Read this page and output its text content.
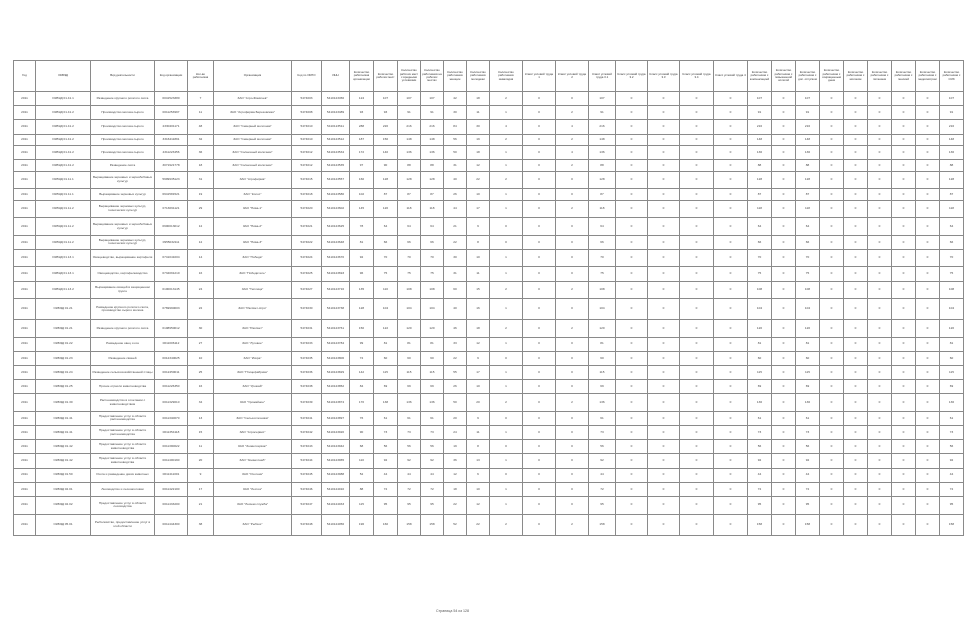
Год	ОКВЭД	Вид деятельности	Код организации	Кол-во работников	Организация	Код по ОКПО	ИНН	Количество работников организации	Количество рабочих мест	Количество рабочих мест с вредными условиями	Количество работников на рабочих местах	Количество работников женщин	Количество работников молодежи	Количество работников инвалидов	Класс условий труда 1	Класс условий труда 2	Класс условий труда 3.1	Класс условий труда 3.2	Класс условий труда 3.3	Класс условий труда 3.4	Класс условий труда 4	Количество работников с компенсацией	Количество работников с повышенной оплатой	Количество работников с доп. отпуском	Количество работников с сокращенным днем	Количество работников с молоком	Количество работников с питанием	Количество работников с пенсией	Количество работников с медосмотром	Количество работников с СИЗ
2011	ОКВЭД 01.41.1	Разведение крупного рогатого скота	0041523380	7	ЗАО "Агро-Фомичев"	5474003	5410123456	124	107	107	107	42	18	2	0	0	107	0	0	0	0	107	0	107	0	0	0	0	0	107
2011	ОКВЭД 01.41.2	Производство молока сырого	0011253997	11	ЗАО "Агрофирма Березовская"	5474008	5410123489	93	93	91	91	30	11	1	0	2	91	0	0	0	0	91	0	91	0	0	0	0	0	91
2011	ОКВЭД 01.41.2	Производство молока сырого	2330401171	48	ЗАО "Северный молочник"	5474010	5410123511	288	220	216	216	84	30	4	0	4	216	0	0	0	0	216	0	216	0	0	0	0	0	216
2011	ОКВЭД 01.41.2	Производство молока сырого	3316411891	32	ЗАО "Северный молочник"	5474010	5410123512	187	150	148	148	56	19	2	0	2	148	0	0	0	0	148	0	148	0	0	0	0	0	148
2011	ОКВЭД 01.41.2	Производство молока сырого	4311223456	36	ЗАО "Солнечный молочник"	5474012	5410123534	172	140	136	136	50	18	1	0	4	136	0	0	0	0	136	0	136	0	0	0	0	0	136
2011	ОКВЭД 01.41.2	Разведение скота	3071921778	18	ЗАО "Солнечный молочник"	5474012	5410123535	97	90	88	88	31	12	1	0	2	88	0	0	0	0	88	0	88	0	0	0	0	0	88
2011	ОКВЭД 01.11.1	Выращивание зерновых и зернобобовых культур	5999935123	31	ЗАО "Агрофирма"	5474015	5410123557	160	128	128	128	40	22	2	0	0	128	0	0	0	0	128	0	128	0	0	0	0	0	128
2011	ОКВЭД 01.11.1	Выращивание зерновых культур	6941581521	19	ЗАО "Колос"	5474018	5410123580	102	87	87	87	26	10	1	0	0	87	0	0	0	0	87	0	87	0	0	0	0	0	87
2011	ОКВЭД 01.11.2	Выращивание зерновых культур, технических культур	0713091121	29	ЗАО "Нива-1"	5474020	5410123602	145	120	118	118	44	17	1	0	2	118	0	0	0	0	118	0	118	0	0	0	0	0	118
2011	ОКВЭД 01.11.2	Выращивание зерновых и зернобобовых культур	0900013012	12	ЗАО "Нива-2"	5474021	5410123625	78	64	64	64	21	9	0	0	0	64	0	0	0	0	64	0	64	0	0	0	0	0	64
2011	ОКВЭД 01.11.2	Выращивание зерновых культур, технических культур	0955032111	12	ЗАО "Нива-3"	5474022	5410123648	81	66	66	66	22	8	0	0	0	66	0	0	0	0	66	0	66	0	0	0	0	0	66
2011	ОКВЭД 01.13.1	Овощеводство, выращивание картофеля	0741041004	14	ЗАО "Победа"	5474024	5410123670	92	70	70	70	30	10	1	0	0	70	0	0	0	0	70	0	70	0	0	0	0	0	70
2011	ОКВЭД 01.13.1	Овощеводство, картофелеводство	0734091210	16	ЗАО "Победитель"	5474025	5410123693	96	75	75	75	31	11	1	0	0	75	0	0	0	0	75	0	75	0	0	0	0	0	75
2011	ОКВЭД 01.13.2	Выращивание овощей в защищенном грунте	0100013145	24	ЗАО "Теплица"	5474027	5410123716	135	110	108	108	60	15	2	0	2	108	0	0	0	0	108	0	108	0	0	0	0	0	108
2011	ОКВЭД 01.21	Разведение крупного рогатого скота, производство сырого молока	0769990003	22	ЗАО "Рассвет-Агро"	5474030	5410123738	128	104	104	104	40	16	1	0	0	104	0	0	0	0	104	0	104	0	0	0	0	0	104
2011	ОКВЭД 01.21	Разведение крупного рогатого скота	0108950012	30	ЗАО "Рассвет"	5474031	5410123761	150	122	120	120	46	18	2	0	2	120	0	0	0	0	120	0	120	0	0	0	0	0	120
2011	ОКВЭД 01.22	Разведение овец и коз	0011006112	27	ЗАО "Луговое"	5474033	5410123784	99	81	81	81	33	12	1	0	0	81	0	0	0	0	81	0	81	0	0	0	0	0	81
2011	ОКВЭД 01.23	Разведение свиней	0012340025	10	ЗАО "Искра"	5474035	5410123806	72	60	60	60	22	9	0	0	0	60	0	0	0	0	60	0	60	0	0	0	0	0	60
2011	ОКВЭД 01.24	Разведение сельскохозяйственной птицы	0012450011	25	ЗАО "Птицефабрика"	5474036	5410123829	142	115	115	115	55	17	1	0	0	115	0	0	0	0	115	0	115	0	0	0	0	0	115
2011	ОКВЭД 01.25	Прочие отрасли животноводства	0011226350	16	ЗАО "Урожай"	5474038	5410123852	84	69	69	69	26	10	1	0	0	69	0	0	0	0	69	0	69	0	0	0	0	0	69
2011	ОКВЭД 01.30	Растениеводство в сочетании с животноводством	0011329010	34	ЗАО "Урожайное"	5474039	5410123874	170	138	136	136	50	20	2	0	2	136	0	0	0	0	136	0	136	0	0	0	0	0	136
2011	ОКВЭД 01.41	Предоставление услуг в области растениеводства	0011340070	13	ЗАО "Сельхозтехника"	5474041	5410123897	76	61	61	61	20	9	0	0	0	61	0	0	0	0	61	0	61	0	0	0	0	0	61
2011	ОКВЭД 01.41	Предоставление услуг в области растениеводства	0011354118	15	ЗАО "Агросервис"	5474042	5410123920	90	73	73	73	24	11	1	0	0	73	0	0	0	0	73	0	73	0	0	0	0	0	73
2011	ОКВЭД 01.42	Предоставление услуг в области животноводства	0011390022	11	ЗАО "Зооветсервис"	5474043	5410123942	68	56	56	56	19	8	0	0	0	56	0	0	0	0	56	0	56	0	0	0	0	0	56
2011	ОКВЭД 01.42	Предоставление услуг в области животноводства	0011400190	20	ЗАО "Зооветснаб"	5474044	5410123965	110	92	92	92	36	13	1	0	0	92	0	0	0	0	92	0	92	0	0	0	0	0	92
2011	ОКВЭД 01.50	Охота и разведение диких животных	0011411001	9	ЗАО "Охотник"	5474045	5410123988	52	44	44	44	12	6	0	0	0	44	0	0	0	0	44	0	44	0	0	0	0	0	44
2011	ОКВЭД 02.01	Лесоводство и лесозаготовки	0011422100	17	ЗАО "Лесхоз"	5474046	5410124010	88	72	72	72	18	10	1	0	0	72	0	0	0	0	72	0	72	0	0	0	0	0	72
2011	ОКВЭД 02.02	Предоставление услуг в области лесоводства	0011433200	21	ЗАО "Лесная служба"	5474047	5410124033	115	95	95	95	22	12	1	0	0	95	0	0	0	0	95	0	95	0	0	0	0	0	95
2011	ОКВЭД 05.01	Рыболовство, предоставление услуг в этой области	0011444300	38	ЗАО "Рыбхоз"	5474048	5410124056	196	160	158	158	52	22	2	0	2	158	0	0	0	0	158	0	158	0	0	0	0	0	158
Страница 54 из 128
